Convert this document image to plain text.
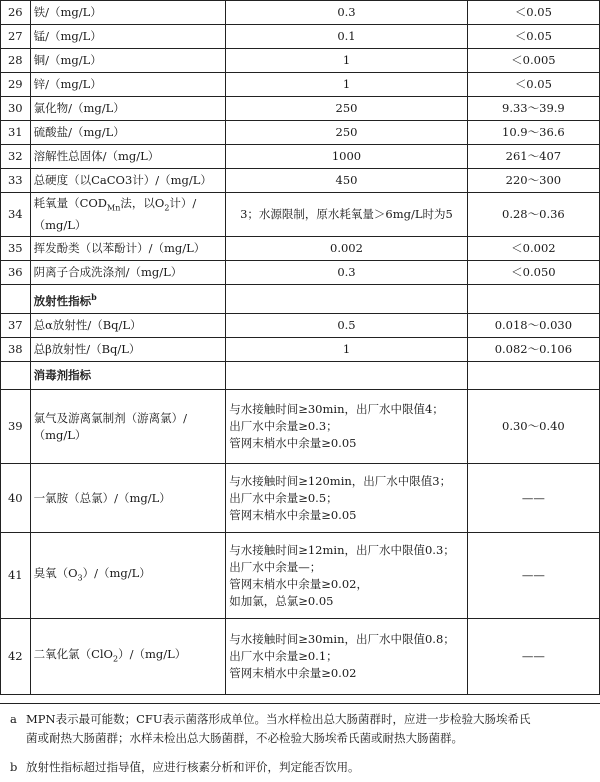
26	铁/（mg/L）	0.3	＜0.05
27	锰/（mg/L）	0.1	＜0.05
28	铜/（mg/L）	1	＜0.005
29	锌/（mg/L）	1	＜0.05
30	氯化物/（mg/L）	250	9.33～39.9
31	硫酸盐/（mg/L）	250	10.9～36.6
32	溶解性总固体/（mg/L）	1000	261～407
33	总硬度（以CaCO3计）/（mg/L）	450	220～300
34	耗氧量（$COD_{Mn}$法，以$O_2$计）/
（mg/L）	3；水源限制，原水耗氧量＞6mg/L时为5	0.28～0.36
35	挥发酚类（以苯酚计）/（mg/L）	0.002	＜0.002
36	阴离子合成洗涤剂/（mg/L）	0.3	＜0.050
	放射性指标$^b$		
37	总α放射性/（Bq/L）	0.5	0.018～0.030
38	总β放射性/（Bq/L）	1	0.082～0.106
	消毒剂指标		
39	氯气及游离氯制剂（游离氯）/
（mg/L）	与水接触时间≥30min，出厂水中限值4；
出厂水中余量≥0.3；
管网末梢水中余量≥0.05	0.30～0.40
40	一氯胺（总氯）/（mg/L）	与水接触时间≥120min，出厂水中限值3；
出厂水中余量≥0.5；
管网末梢水中余量≥0.05	——
41	臭氧$(O_3)/(mg/L)$	与水接触时间≥12min，出厂水中限值0.3；
出厂水中余量—；
管网末梢水中余量≥0.02，
如加氯，总氯≥0.05	——
42	二氧化氯（ClO$_2$）/（mg/L）	与水接触时间≥30min，出厂水中限值0.8；
出厂水中余量≥0.1；
管网末梢水中余量≥0.02	——

a MPN表示最可能数；CFU表示菌落形成单位。当水样检出总大肠菌群时，应进一步检验大肠埃希氏
菌或耐热大肠菌群；水样未检出总大肠菌群，不必检验大肠埃希氏菌或耐热大肠菌群。

b 放射性指标超过指导值，应进行核素分析和评价，判定能否饮用。
